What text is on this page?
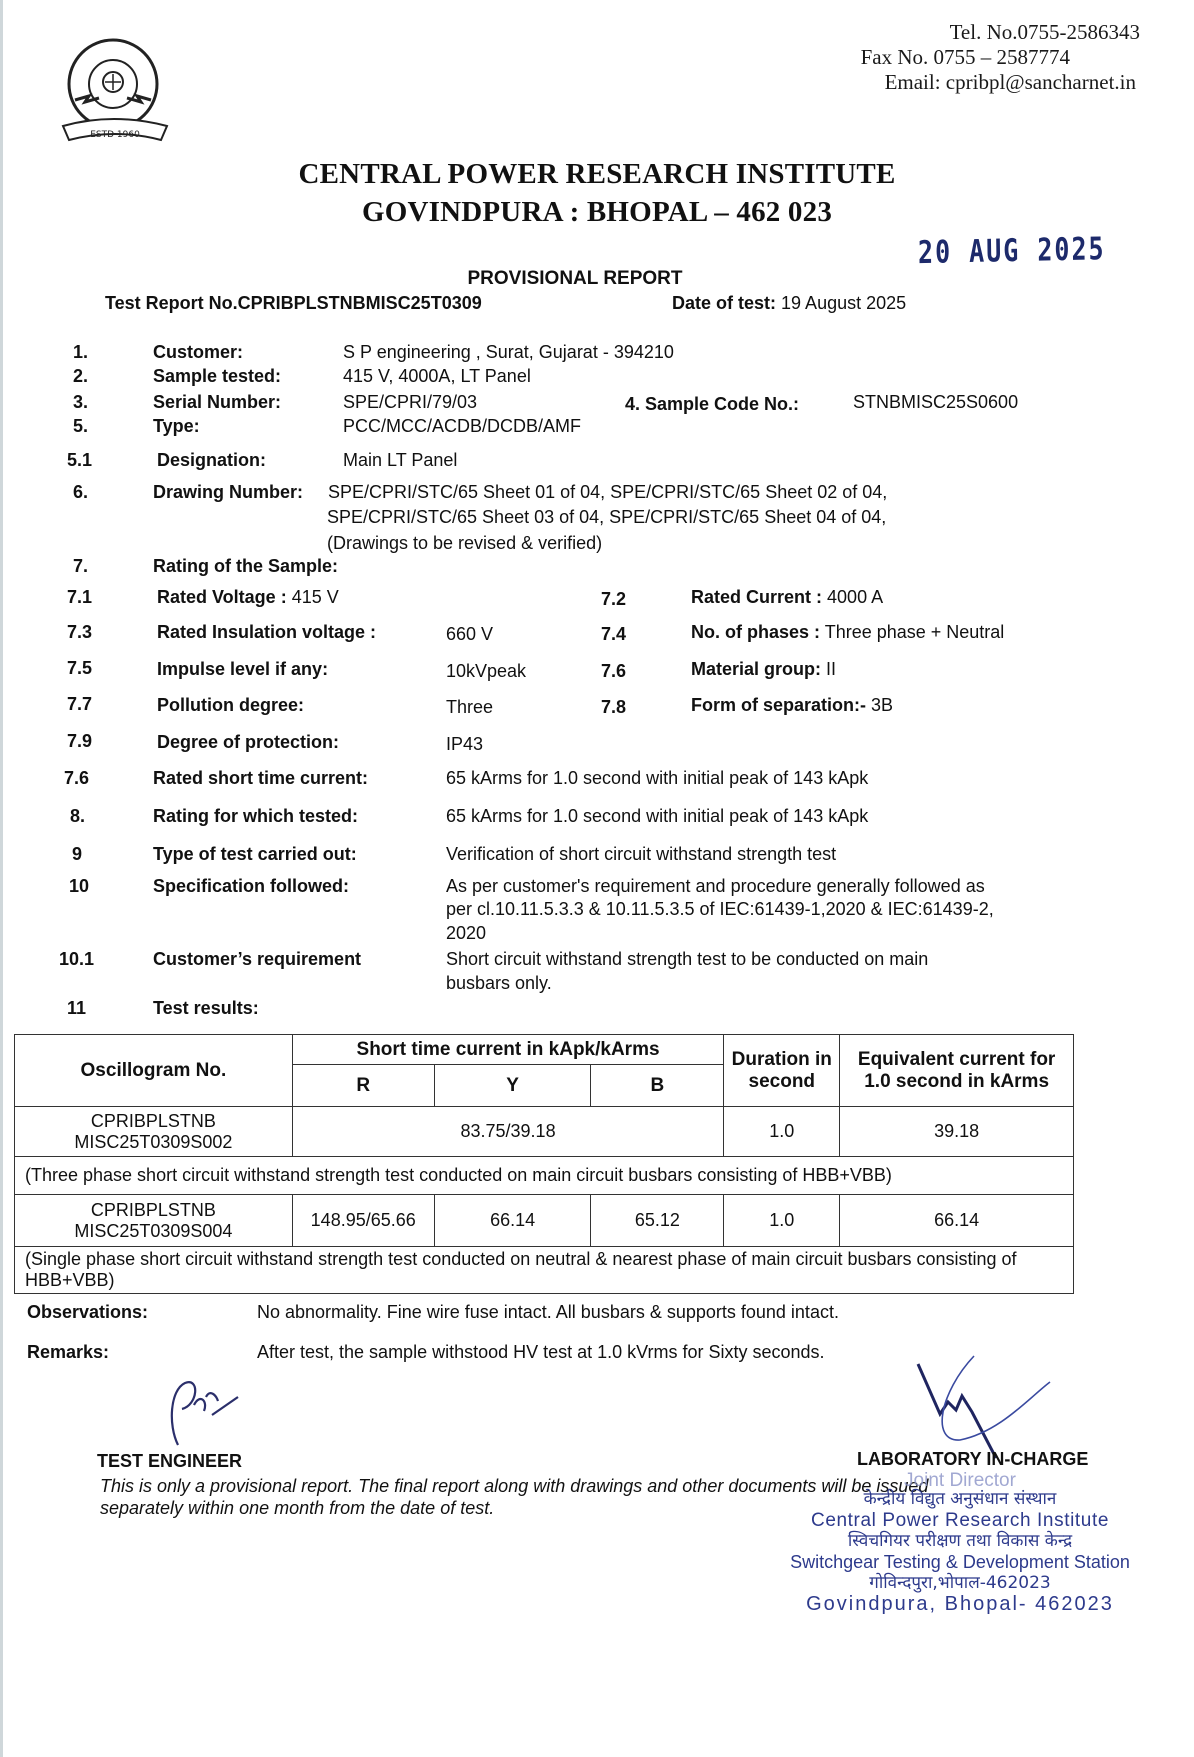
ESTD 1960
Tel. No.0755-2586343
Fax No. 0755 – 2587774
Email: cpribpl@sancharnet.in
CENTRAL POWER RESEARCH INSTITUTE
GOVINDPURA : BHOPAL – 462 023
20 AUG 2025
PROVISIONAL REPORT
Test Report No.CPRIBPLSTNBMISC25T0309	Date of test: 19 August 2025
1.	Customer:	S P engineering , Surat, Gujarat - 394210
2.	Sample tested:	415 V, 4000A, LT Panel
3.	Serial Number:	SPE/CPRI/79/03	4. Sample Code No.:	STNBMISC25S0600
5.	Type:	PCC/MCC/ACDB/DCDB/AMF
5.1	Designation:	Main LT Panel
6.	Drawing Number: SPE/CPRI/STC/65 Sheet 01 of 04, SPE/CPRI/STC/65 Sheet 02 of 04,
SPE/CPRI/STC/65 Sheet 03 of 04, SPE/CPRI/STC/65 Sheet 04 of 04,
(Drawings to be revised & verified)
7.	Rating of the Sample:
7.1	Rated Voltage : 415 V	7.2	Rated Current : 4000 A
7.3	Rated Insulation voltage :	660 V	7.4	No. of phases : Three phase + Neutral
7.5	Impulse level if any:	10kVpeak	7.6	Material group: II
7.7	Pollution degree:	Three	7.8	Form of separation:- 3B
7.9	Degree of protection:	IP43
7.6	Rated short time current:	65 kArms for 1.0 second with initial peak of 143 kApk
8.	Rating for which tested:	65 kArms for 1.0 second with initial peak of 143 kApk
9	Type of test carried out:	Verification of short circuit withstand strength test
10	Specification followed:	As per customer's requirement and procedure generally followed as
per cl.10.11.5.3.3 & 10.11.5.3.5 of IEC:61439-1,2020 & IEC:61439-2,
2020
10.1	Customer’s requirement	Short circuit withstand strength test to be conducted on main
busbars only.
11	Test results:
Oscillogram No.	Short time current in kApk/kArms			Duration in second	Equivalent current for 1.0 second in kArms
	R	Y	B		

CPRIBPLSTNB
MISC25T0309S002	83.75/39.18			1.0	39.18
(Three phase short circuit withstand strength test conducted on main circuit busbars consisting of HBB+VBB)					

CPRIBPLSTNB
MISC25T0309S004	148.95/65.66	66.14	65.12	1.0	66.14
(Single phase short circuit withstand strength test conducted on neutral & nearest phase of main circuit busbars consisting of HBB+VBB)					
Observations:	No abnormality. Fine wire fuse intact. All busbars & supports found intact.
Remarks:	After test, the sample withstood HV test at 1.0 kVrms for Sixty seconds.
TEST ENGINEER	LABORATORY IN-CHARGE
This is only a provisional report. The final report along with drawings and other documents will be issued
separately within one month from the date of test.
Joint Director
केन्द्रीय विद्युत अनुसंधान संस्थान
Central Power Research Institute
स्विचगियर परीक्षण तथा विकास केन्द्र
Switchgear Testing & Development Station
गोविन्दपुरा,भोपाल-462023
Govindpura, Bhopal- 462023
